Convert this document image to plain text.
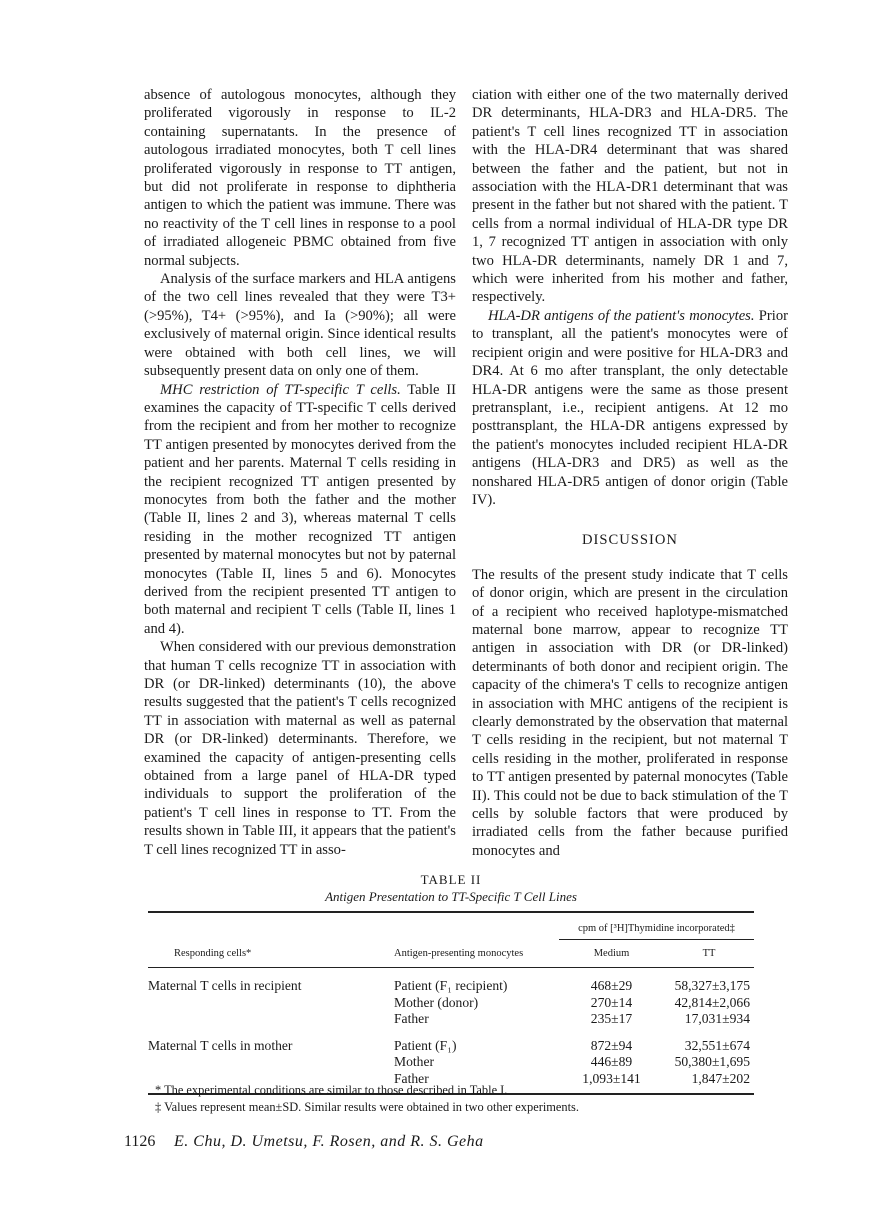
absence of autologous monocytes, although they proliferated vigorously in response to IL-2 containing supernatants. In the presence of autologous irradiated monocytes, both T cell lines proliferated vigorously in response to TT antigen, but did not proliferate in response to diphtheria antigen to which the patient was immune. There was no reactivity of the T cell lines in response to a pool of irradiated allogeneic PBMC obtained from five normal subjects.

Analysis of the surface markers and HLA antigens of the two cell lines revealed that they were T3+ (>95%), T4+ (>95%), and Ia (>90%); all were exclusively of maternal origin. Since identical results were obtained with both cell lines, we will subsequently present data on only one of them.

MHC restriction of TT-specific T cells. Table II examines the capacity of TT-specific T cells derived from the recipient and from her mother to recognize TT antigen presented by monocytes derived from the patient and her parents. Maternal T cells residing in the recipient recognized TT antigen presented by monocytes from both the father and the mother (Table II, lines 2 and 3), whereas maternal T cells residing in the mother recognized TT antigen presented by maternal monocytes but not by paternal monocytes (Table II, lines 5 and 6). Monocytes derived from the recipient presented TT antigen to both maternal and recipient T cells (Table II, lines 1 and 4).

When considered with our previous demonstration that human T cells recognize TT in association with DR (or DR-linked) determinants (10), the above results suggested that the patient's T cells recognized TT in association with maternal as well as paternal DR (or DR-linked) determinants. Therefore, we examined the capacity of antigen-presenting cells obtained from a large panel of HLA-DR typed individuals to support the proliferation of the patient's T cell lines in response to TT. From the results shown in Table III, it appears that the patient's T cell lines recognized TT in asso-

ciation with either one of the two maternally derived DR determinants, HLA-DR3 and HLA-DR5. The patient's T cell lines recognized TT in association with the HLA-DR4 determinant that was shared between the father and the patient, but not in association with the HLA-DR1 determinant that was present in the father but not shared with the patient. T cells from a normal individual of HLA-DR type DR 1, 7 recognized TT antigen in association with only two HLA-DR determinants, namely DR 1 and 7, which were inherited from his mother and father, respectively.

HLA-DR antigens of the patient's monocytes. Prior to transplant, all the patient's monocytes were of recipient origin and were positive for HLA-DR3 and DR4. At 6 mo after transplant, the only detectable HLA-DR antigens were the same as those present pretransplant, i.e., recipient antigens. At 12 mo posttransplant, the HLA-DR antigens expressed by the patient's monocytes included recipient HLA-DR antigens (HLA-DR3 and DR5) as well as the nonshared HLA-DR5 antigen of donor origin (Table IV).

DISCUSSION

The results of the present study indicate that T cells of donor origin, which are present in the circulation of a recipient who received haplotype-mismatched maternal bone marrow, appear to recognize TT antigen in association with DR (or DR-linked) determinants of both donor and recipient origin. The capacity of the chimera's T cells to recognize antigen in association with MHC antigens of the recipient is clearly demonstrated by the observation that maternal T cells residing in the recipient, but not maternal T cells residing in the mother, proliferated in response to TT antigen presented by paternal monocytes (Table II). This could not be due to back stimulation of the T cells by soluble factors that were produced by irradiated cells from the father because purified monocytes and

TABLE II
Antigen Presentation to TT-Specific T Cell Lines
		cpm of [³H]Thymidine incorporated‡	
Responding cells*	Antigen-presenting monocytes	Medium	TT
Maternal T cells in recipient	Patient (F₁ recipient)	468±29	58,327±3,175
	Mother (donor)	270±14	42,814±2,066
	Father	235±17	17,031±934
Maternal T cells in mother	Patient (F₁)	872±94	32,551±674
	Mother	446±89	50,380±1,695
	Father	1,093±141	1,847±202
* The experimental conditions are similar to those described in Table I.
‡ Values represent mean±SD. Similar results were obtained in two other experiments.
1126 E. Chu, D. Umetsu, F. Rosen, and R. S. Geha
